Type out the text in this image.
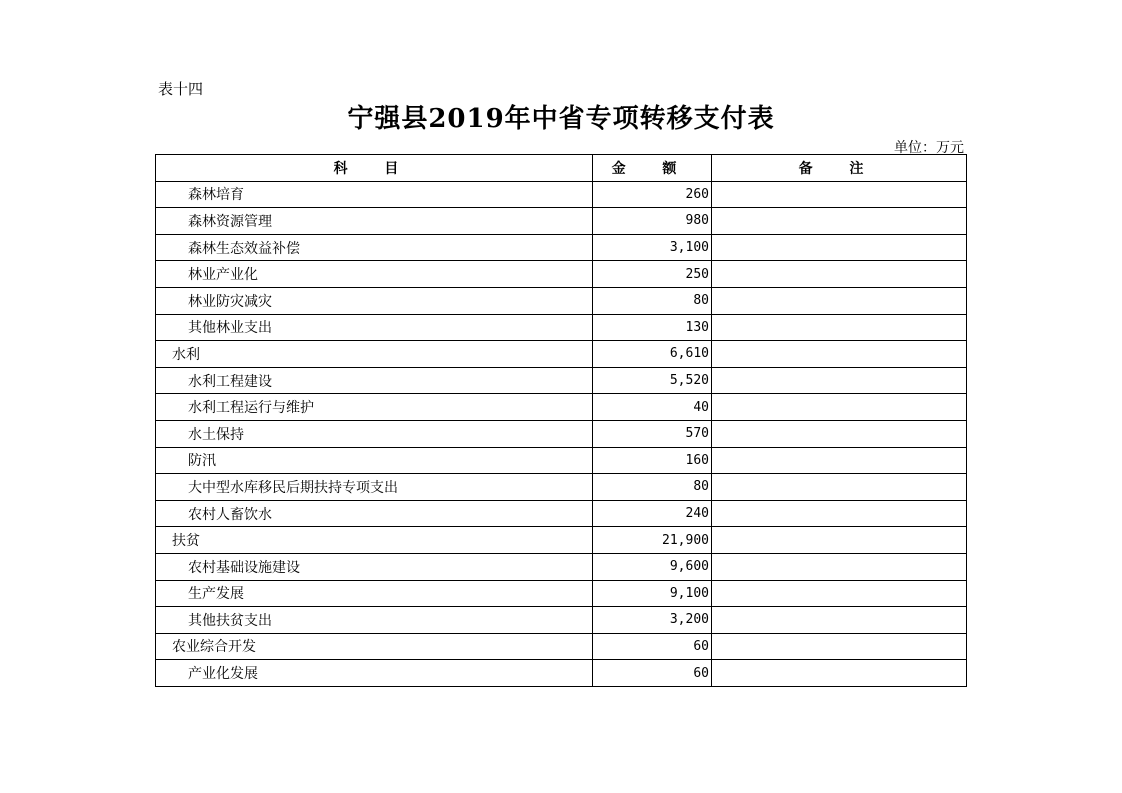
表十四
宁强县2019年中省专项转移支付表
单位：万元
科 目	金 额	备 注
森林培育	260	
森林资源管理	980	
森林生态效益补偿	3,100	
林业产业化	250	
林业防灾减灾	80	
其他林业支出	130	
水利	6,610	
水利工程建设	5,520	
水利工程运行与维护	40	
水土保持	570	
防汛	160	
大中型水库移民后期扶持专项支出	80	
农村人畜饮水	240	
扶贫	21,900	
农村基础设施建设	9,600	
生产发展	9,100	
其他扶贫支出	3,200	
农业综合开发	60	
产业化发展	60	
